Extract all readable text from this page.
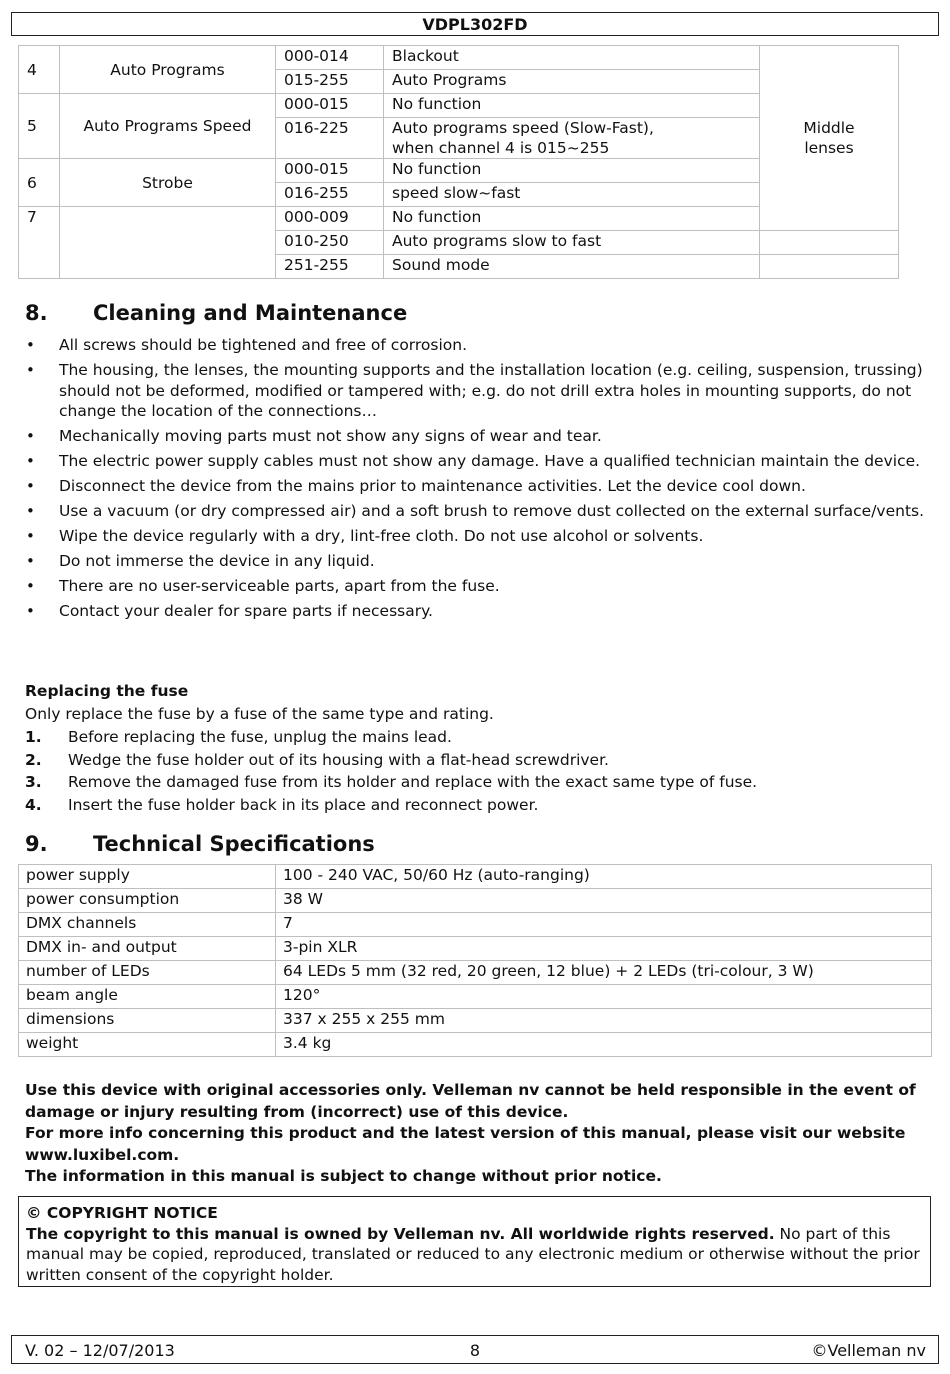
VDPL302FD
4	Auto Programs	000-014	Blackout	Middle
lenses
		015-255	Auto Programs	
5	Auto Programs Speed	000-015	No function	
		016-225	Auto programs speed (Slow-Fast),
when channel 4 is 015~255	
6	Strobe	000-015	No function	
		016-255	speed slow~fast	
7		000-009	No function	
		010-250	Auto programs slow to fast	
		251-255	Sound mode	
8. Cleaning and Maintenance
• All screws should be tightened and free of corrosion.
• The housing, the lenses, the mounting supports and the installation location (e.g. ceiling, suspension, trussing) should not be deformed, modified or tampered with; e.g. do not drill extra holes in mounting supports, do not change the location of the connections…
• Mechanically moving parts must not show any signs of wear and tear.
• The electric power supply cables must not show any damage. Have a qualified technician maintain the device.
• Disconnect the device from the mains prior to maintenance activities. Let the device cool down.
• Use a vacuum (or dry compressed air) and a soft brush to remove dust collected on the external surface/vents.
• Wipe the device regularly with a dry, lint-free cloth. Do not use alcohol or solvents.
• Do not immerse the device in any liquid.
• There are no user-serviceable parts, apart from the fuse.
• Contact your dealer for spare parts if necessary.
Replacing the fuse
Only replace the fuse by a fuse of the same type and rating.
1. Before replacing the fuse, unplug the mains lead.
2. Wedge the fuse holder out of its housing with a flat-head screwdriver.
3. Remove the damaged fuse from its holder and replace with the exact same type of fuse.
4. Insert the fuse holder back in its place and reconnect power.
9. Technical Specifications
power supply	100 - 240 VAC, 50/60 Hz (auto-ranging)
power consumption	38 W
DMX channels	7
DMX in- and output	3-pin XLR
number of LEDs	64 LEDs 5 mm (32 red, 20 green, 12 blue) + 2 LEDs (tri-colour, 3 W)
beam angle	120°
dimensions	337 x 255 x 255 mm
weight	3.4 kg

Use this device with original accessories only. Velleman nv cannot be held responsible in the event of damage or injury resulting from (incorrect) use of this device.

For more info concerning this product and the latest version of this manual, please visit our website www.luxibel.com.

The information in this manual is subject to change without prior notice.

© COPYRIGHT NOTICE
The copyright to this manual is owned by Velleman nv. All worldwide rights reserved. No part of this manual may be copied, reproduced, translated or reduced to any electronic medium or otherwise without the prior written consent of the copyright holder.
V. 02 – 12/07/2013	8	©Velleman nv
